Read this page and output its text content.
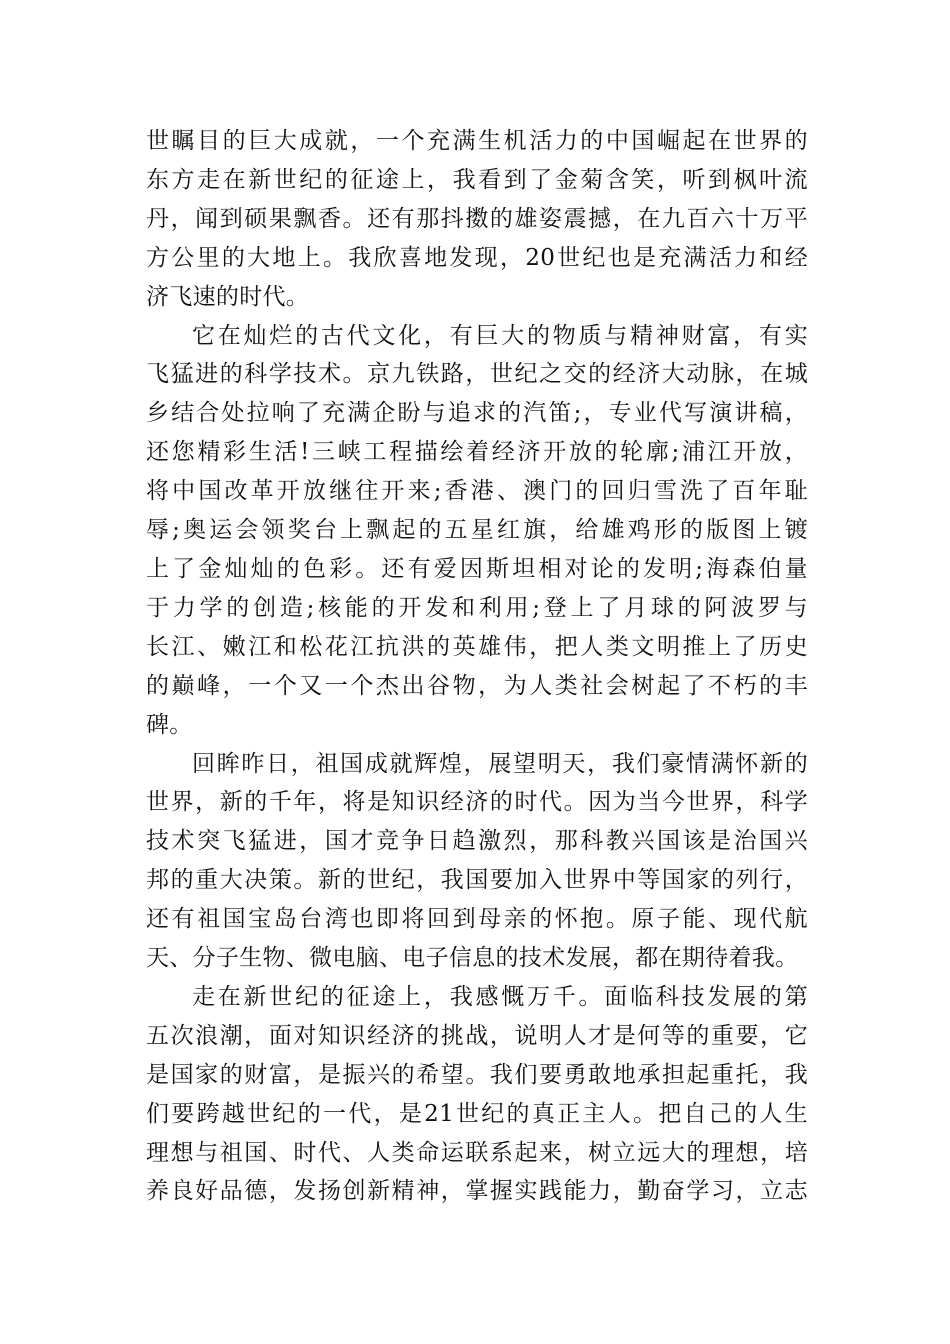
世瞩目的巨大成就，一个充满生机活力的中国崛起在世界的
东方走在新世纪的征途上，我看到了金菊含笑，听到枫叶流
丹，闻到硕果飘香。还有那抖擞的雄姿震撼，在九百六十万平
方公里的大地上。我欣喜地发现，20世纪也是充满活力和经
济飞速的时代。
它在灿烂的古代文化，有巨大的物质与精神财富，有实
飞猛进的科学技术。京九铁路，世纪之交的经济大动脉，在城
乡结合处拉响了充满企盼与追求的汽笛;，专业代写演讲稿，
还您精彩生活!三峡工程描绘着经济开放的轮廓;浦江开放，
将中国改革开放继往开来;香港、澳门的回归雪洗了百年耻
辱;奥运会领奖台上飘起的五星红旗，给雄鸡形的版图上镀
上了金灿灿的色彩。还有爱因斯坦相对论的发明;海森伯量
于力学的创造;核能的开发和利用;登上了月球的阿波罗与
长江、嫩江和松花江抗洪的英雄伟，把人类文明推上了历史
的巅峰，一个又一个杰出谷物，为人类社会树起了不朽的丰
碑。
回眸昨日，祖国成就辉煌，展望明天，我们豪情满怀新的
世界，新的千年，将是知识经济的时代。因为当今世界，科学
技术突飞猛进，国才竞争日趋激烈，那科教兴国该是治国兴
邦的重大决策。新的世纪，我国要加入世界中等国家的列行，
还有祖国宝岛台湾也即将回到母亲的怀抱。原子能、现代航
天、分子生物、微电脑、电子信息的技术发展，都在期待着我。
走在新世纪的征途上，我感慨万千。面临科技发展的第
五次浪潮，面对知识经济的挑战，说明人才是何等的重要，它
是国家的财富，是振兴的希望。我们要勇敢地承担起重托，我
们要跨越世纪的一代，是21世纪的真正主人。把自己的人生
理想与祖国、时代、人类命运联系起来，树立远大的理想，培
养良好品德，发扬创新精神，掌握实践能力，勤奋学习，立志
